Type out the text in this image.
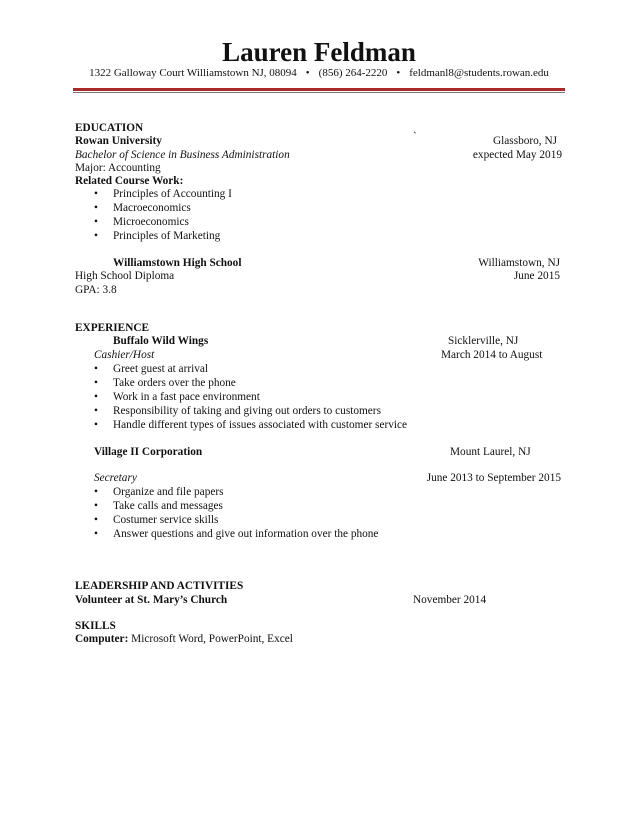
Lauren Feldman
1322 Galloway Court Williamstown NJ, 08094 • (856) 264-2220 • feldmanl8@students.rowan.edu
EDUCATION
Rowan University	`	Glassboro, NJ
Bachelor of Science in Business Administration	expected May 2019
Major: Accounting
Related Course Work:
• Principles of Accounting I
• Macroeconomics
• Microeconomics
• Principles of Marketing
Williamstown High School	Williamstown, NJ
High School Diploma	June 2015
GPA: 3.8
EXPERIENCE
Buffalo Wild Wings	Sicklerville, NJ
Cashier/Host	March 2014 to August
• Greet guest at arrival
• Take orders over the phone
• Work in a fast pace environment
• Responsibility of taking and giving out orders to customers
• Handle different types of issues associated with customer service
Village II Corporation	Mount Laurel, NJ
Secretary	June 2013 to September 2015
• Organize and file papers
• Take calls and messages
• Costumer service skills
• Answer questions and give out information over the phone
LEADERSHIP AND ACTIVITIES
Volunteer at St. Mary’s Church	November 2014
SKILLS
Computer: Microsoft Word, PowerPoint, Excel
